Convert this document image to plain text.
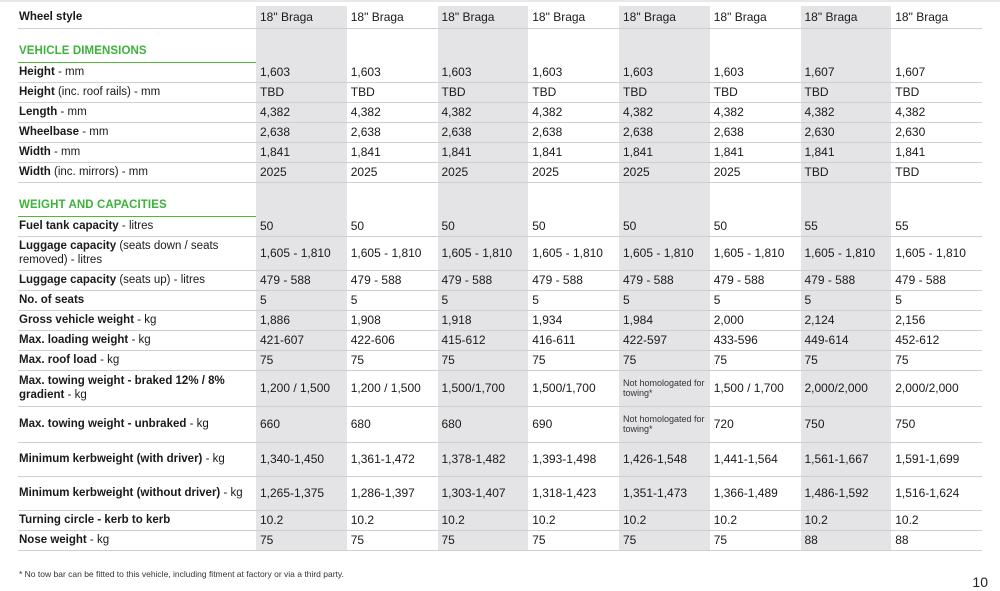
Wheel style	18" Braga	18" Braga	18" Braga	18" Braga	18" Braga	18" Braga	18" Braga	18" Braga
VEHICLE DIMENSIONS								
Height - mm	1,603	1,603	1,603	1,603	1,603	1,603	1,607	1,607
Height (inc. roof rails) - mm	TBD	TBD	TBD	TBD	TBD	TBD	TBD	TBD
Length - mm	4,382	4,382	4,382	4,382	4,382	4,382	4,382	4,382
Wheelbase - mm	2,638	2,638	2,638	2,638	2,638	2,638	2,630	2,630
Width - mm	1,841	1,841	1,841	1,841	1,841	1,841	1,841	1,841
Width (inc. mirrors) - mm	2025	2025	2025	2025	2025	2025	TBD	TBD
WEIGHT AND CAPACITIES								
Fuel tank capacity - litres	50	50	50	50	50	50	55	55
Luggage capacity (seats down / seats removed) - litres	1,605 - 1,810	1,605 - 1,810	1,605 - 1,810	1,605 - 1,810	1,605 - 1,810	1,605 - 1,810	1,605 - 1,810	1,605 - 1,810
Luggage capacity (seats up) - litres	479 - 588	479 - 588	479 - 588	479 - 588	479 - 588	479 - 588	479 - 588	479 - 588
No. of seats	5	5	5	5	5	5	5	5
Gross vehicle weight - kg	1,886	1,908	1,918	1,934	1,984	2,000	2,124	2,156
Max. loading weight - kg	421-607	422-606	415-612	416-611	422-597	433-596	449-614	452-612
Max. roof load - kg	75	75	75	75	75	75	75	75
Max. towing weight - braked 12% / 8% gradient - kg	1,200 / 1,500	1,200 / 1,500	1,500/1,700	1,500/1,700	Not homologated for towing*	1,500 / 1,700	2,000/2,000	2,000/2,000
Max. towing weight - unbraked - kg	660	680	680	690	Not homologated for towing*	720	750	750
Minimum kerbweight (with driver) - kg	1,340-1,450	1,361-1,472	1,378-1,482	1,393-1,498	1,426-1,548	1,441-1,564	1,561-1,667	1,591-1,699
Minimum kerbweight (without driver) - kg	1,265-1,375	1,286-1,397	1,303-1,407	1,318-1,423	1,351-1,473	1,366-1,489	1,486-1,592	1,516-1,624
Turning circle - kerb to kerb	10.2	10.2	10.2	10.2	10.2	10.2	10.2	10.2
Nose weight - kg	75	75	75	75	75	75	88	88
* No tow bar can be fitted to this vehicle, including fitment at factory or via a third party.	10
